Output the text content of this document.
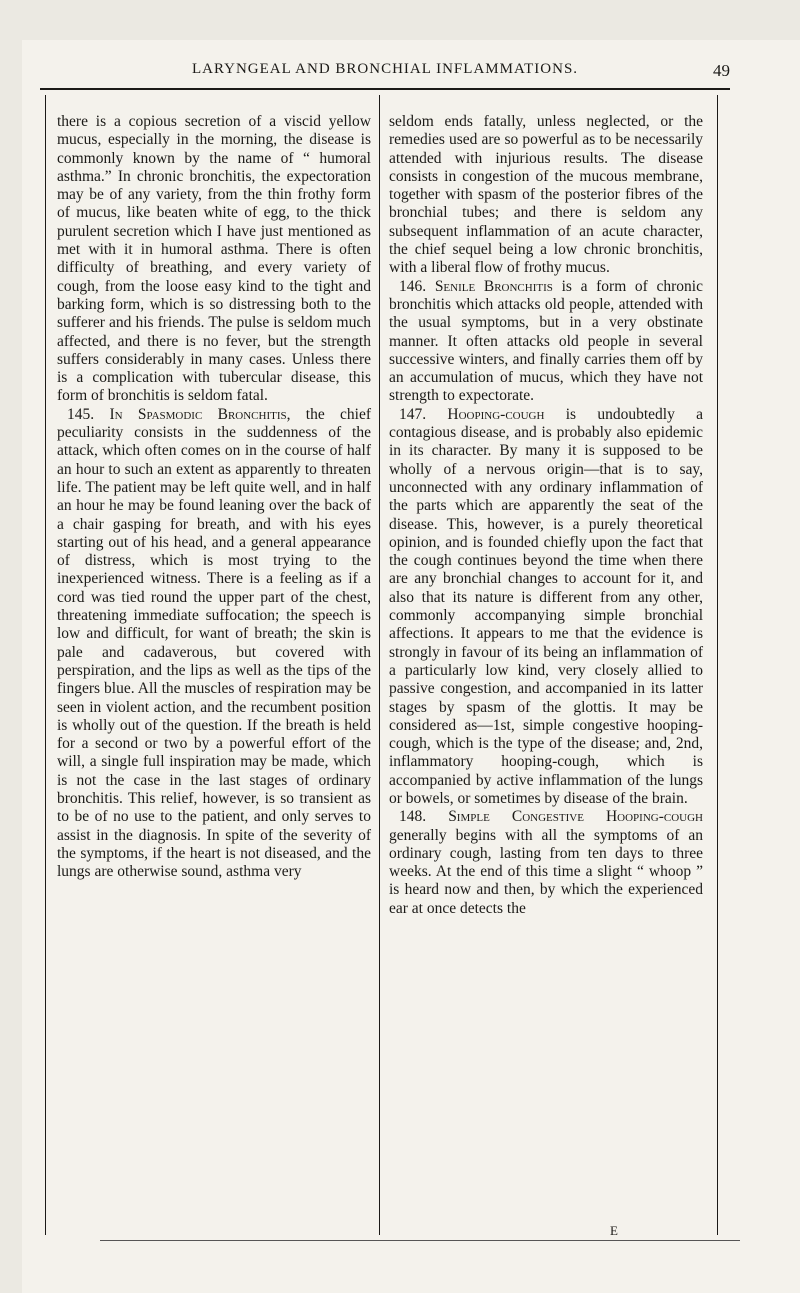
LARYNGEAL AND BRONCHIAL INFLAMMATIONS.	49

there is a copious secretion of a viscid yellow mucus, especially in the morning, the disease is commonly known by the name of “ humoral asthma.” In chronic bronchitis, the expectoration may be of any variety, from the thin frothy form of mucus, like beaten white of egg, to the thick purulent secretion which I have just mentioned as met with it in humoral asthma. There is often difficulty of breathing, and every variety of cough, from the loose easy kind to the tight and barking form, which is so distressing both to the sufferer and his friends. The pulse is seldom much affected, and there is no fever, but the strength suffers considerably in many cases. Unless there is a complication with tubercular disease, this form of bronchitis is seldom fatal.

145. In Spasmodic Bronchitis, the chief peculiarity consists in the suddenness of the attack, which often comes on in the course of half an hour to such an extent as apparently to threaten life. The patient may be left quite well, and in half an hour he may be found leaning over the back of a chair gasping for breath, and with his eyes starting out of his head, and a general appearance of distress, which is most trying to the inexperienced witness. There is a feeling as if a cord was tied round the upper part of the chest, threatening immediate suffocation; the speech is low and difficult, for want of breath; the skin is pale and cadaverous, but covered with perspiration, and the lips as well as the tips of the fingers blue. All the muscles of respiration may be seen in violent action, and the recumbent position is wholly out of the question. If the breath is held for a second or two by a powerful effort of the will, a single full inspiration may be made, which is not the case in the last stages of ordinary bronchitis. This relief, however, is so transient as to be of no use to the patient, and only serves to assist in the diagnosis. In spite of the severity of the symptoms, if the heart is not diseased, and the lungs are otherwise sound, asthma very

seldom ends fatally, unless neglected, or the remedies used are so powerful as to be necessarily attended with injurious results. The disease consists in congestion of the mucous membrane, together with spasm of the posterior fibres of the bronchial tubes; and there is seldom any subsequent inflammation of an acute character, the chief sequel being a low chronic bronchitis, with a liberal flow of frothy mucus.

146. Senile Bronchitis is a form of chronic bronchitis which attacks old people, attended with the usual symptoms, but in a very obstinate manner. It often attacks old people in several successive winters, and finally carries them off by an accumulation of mucus, which they have not strength to expectorate.

147. Hooping-cough is undoubtedly a contagious disease, and is probably also epidemic in its character. By many it is supposed to be wholly of a nervous origin—that is to say, unconnected with any ordinary inflammation of the parts which are apparently the seat of the disease. This, however, is a purely theoretical opinion, and is founded chiefly upon the fact that the cough continues beyond the time when there are any bronchial changes to account for it, and also that its nature is different from any other, commonly accompanying simple bronchial affections. It appears to me that the evidence is strongly in favour of its being an inflammation of a particularly low kind, very closely allied to passive congestion, and accompanied in its latter stages by spasm of the glottis. It may be considered as—1st, simple congestive hooping-cough, which is the type of the disease; and, 2nd, inflammatory hooping-cough, which is accompanied by active inflammation of the lungs or bowels, or sometimes by disease of the brain.

148. Simple Congestive Hooping-cough generally begins with all the symptoms of an ordinary cough, lasting from ten days to three weeks. At the end of this time a slight “ whoop ” is heard now and then, by which the experienced ear at once detects the

E
